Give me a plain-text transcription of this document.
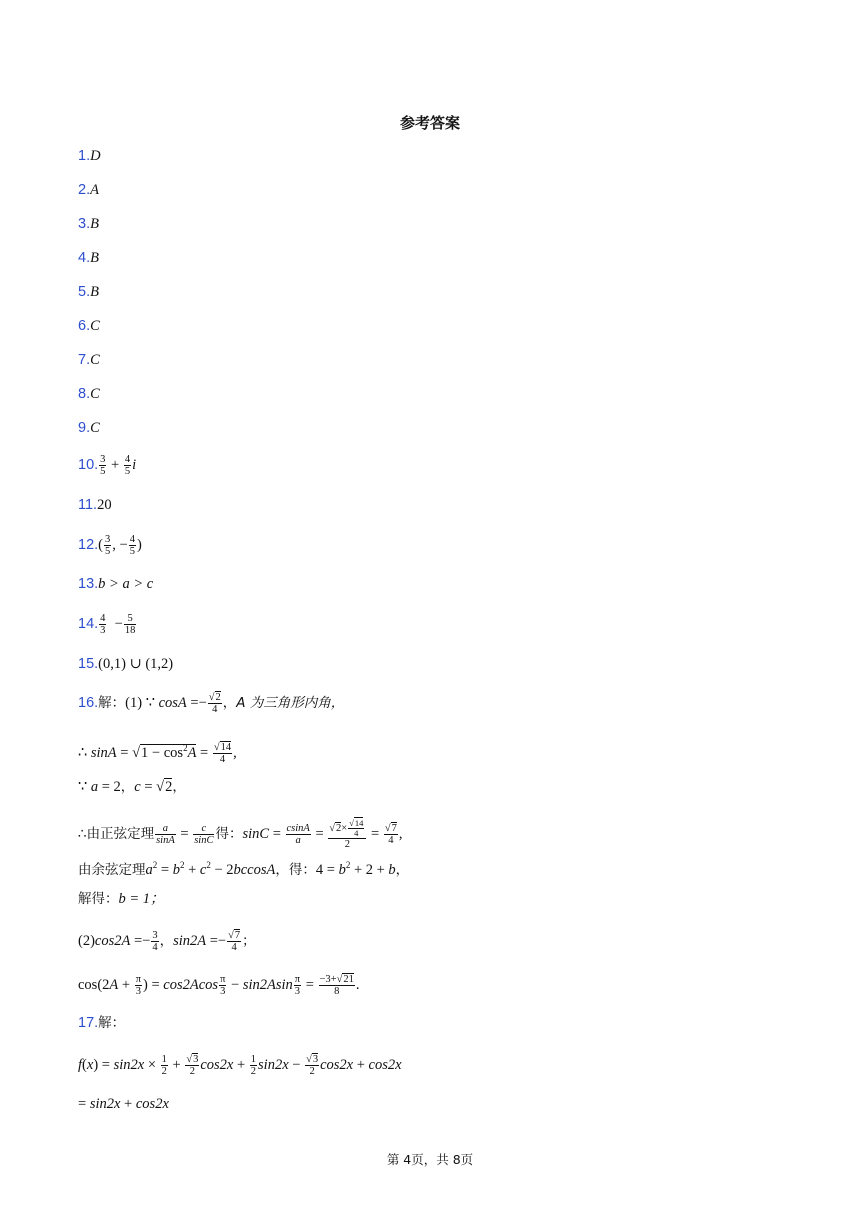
参考答案
1.D
2.A
3.B
4.B
5.B
6.C
7.C
8.C
9.C
10. $\frac{3}{5} + \frac{4}{5}$ i
11.20
$12.( \frac{3}{5}$ , − $\frac{4}{5}$ )
13.b > a > c
14. $\frac{4}{3} - \frac{5}{18}$
15.(0,1) ∪ (1,2)
16.解：(1) ∵ $\cos A =- \frac{√2}{4}$ ，A 为三角形内角，
∴ $\sin A = √1 - \cos^2A = \frac{√14}{4}$ ,
∵ a = 2，c = √2，
∴由正弦定理 $\frac{a}{\sin A} = \frac{c}{\sin C}$ 得：$\sin C = \frac{csinA}{a} = \frac{√2\times \frac{√14}{4}}{2} = \frac{√7}{4}$ ,
由余弦定理$a^2 = b^2 + c^2 - 2bccosA$，得：$4 = b^2 + 2 + b$，
解得：b = 1；
$(2)\cos 2A =- \frac{3}{4}$ ，$\sin 2A =- \frac{√7}{4}$ ；
$\cos(2A + \frac{\pi}{3}$ ) = $\cos 2Acos \frac{\pi}{3} - \sin 2Asin \frac{\pi}{3} = \frac{-3+√21}{8}$ .
17.解：
$f(x) = \sin 2x \times \frac{1}{2} + \frac{√3}{2} \cos 2x + \frac{1}{2} \sin 2x - \frac{√3}{2} \cos 2x + \cos 2x$
= sin2x + cos2x
第 4页，共 8页
